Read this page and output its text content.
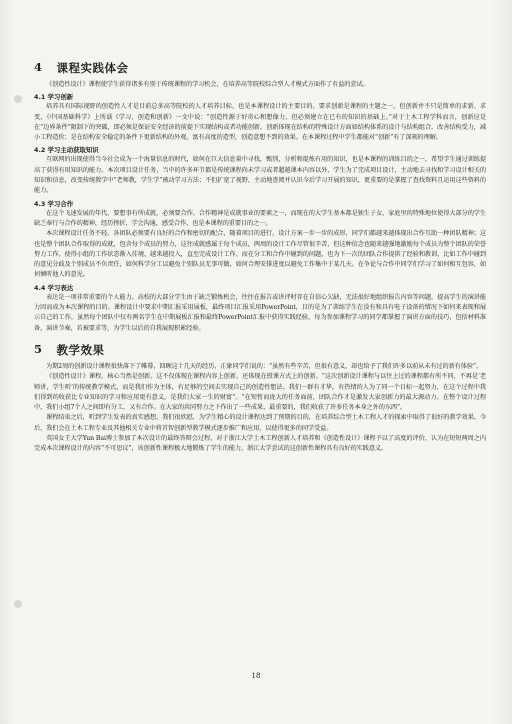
4 课程实践体会

《创造性设计》课程使学生获得诸多有别于传统课程的学习机会，在培养高等院校综合型人才模式方面作了有益的尝试。

4.1 学习创新

培养具有国际视野的创造性人才是目前总多高等院校的人才培养目标，也是本课程设计的主要目的。要求创新是课程的主题之一，但创新并不只是简单的求新、求变，《中国基础科学》上所载《学习、创造和创新》一文中说：“创造性源于好奇心和想像力，但必须建立在已有的知识的基础上。”对于土木工程学科而言，创新应是在“边界条件”限制下的突破，即必须是保证安全经济的前提下实现结构或者功能创新。创新体现在结构的特殊设计方面如结构体系的设计与结构组合，改善结构受力，减小工程造价；是在结构安全稳定的条件下更新结构的外观，富有高度的造型，创造意想不到的效果。在本课程过程中学生都能对“创新”有了深刻的理解。

4.2 学习主动获取知识

互联网的出现使得当今社会成为一个海量信息的时代，如何在巨大信息量中寻找，甄别，分析和提炼有用的知识，也是本课程的训练目的之一，希望学生通过训练提高了获得有用知识的能力。本次项目设计任务，当中的许多环节都是传统课程尚未学习或者超越课本内容以外，学生为了完成项目设计，主动地去寻找和学习设计相关的知识和信息，改变传统教学中“老师教，学生学”被动学习方法；不但扩宽了视野，主动地查阅并认识今后学习开展的知识，更重要的是掌握了查找资料且运用这些资料的能力。

4.3 学习合作

在这个飞速发展的年代，要想事有所成就，必须要合作。合作精神是成就事业的要素之一，而现在的大学生基本都是独生子女，家庭里的特殊地位使得大部分的学生缺乏奉行与合作的精神，经历挫折，学会沟通，感受合作，也是本课程的重要目的之一。

本次课程设计任务不轻，各团队必须要有良好的合作和密切的配合，随着项目的进行，设计方案一步一步的成形，同学们都越来越体现出合作互助一种团队精神；这也是整个团队合作取得的成就，包含每个成员的努力，这往成就感属于每个成员，两周的设计工作尽管很辛苦，但这种信念也随来越强地激励每个成员为整个团队的荣誉努力工作，使得小组的工作状态渐入佳境，越来越投入，直至完成设计工作。而在分工和合作中碰到的问题，也为下一次的团队合作提供了经验和教训，比如工作中碰到的意见分歧及个别成员不负责任，如何科学分工以避免个别队员无事可做，如何合理安排进度以避免工作集中于某几天。在争论与合作中同学们学习了如何相互包容，如何倾听他人的意见。

4.4 学习表达

表达是一项非常重要的个人能力。高校的大部分学生由于缺乏锻炼机会，往往在报告或讲评时存在自信心欠缺，无法很好地组织报告内容等问题，提高学生的演讲能力因而成为本次课程的目的。课程设计中要求中期汇报采用展板，最终项目汇报采用PowerPoint，目的是为了训练学生在没有和具有电子设备的情况下如何来表现和展示自己的工作，虽然每个团队中仅有两名学生在中期展板汇报和最终PowerPoint汇报中获得实践经验，每为参加课程学习的同学都掌握了演讲方面的技巧，包括材料准备，演讲节奏，若被要求等，为学生以后的自我展现积累经验。

5 教学效果

为期2周的创新设计课程很快落下了帷幕，回顾这十几天的经历，正象同学们说的：“虽然有些辛苦，但很有意义，却也给予了我们许多以前从未有过的新有体验”。

《创造性设计》课程，核心当然是创新。这不仅体现在课程内容上创新，还体现在授课方式上的创新。“这次创新设计课程与以往上过的课程都有所不同，不再是‘老师讲，学生听’的传统教学模式，而是我们作为主体，有足够的空间去实现自己的创造性想法。我们一群有才华，有热情的人为了同一个目标一起努力，在这个过程中我们得到的收获比专业知识的学习和应用更有意义，是我们大家一生的财富”。“在短暂而庞大的任务面前，团队合作才是激发大家创新力的最大源动力。在整个设计过程中，我们小组7个人之间即有分工，又有合作。在大家的共同努力之下作出了一些成果，最重要的，我们收获了许多任务本身之外的东西”。

课程结束之后，听到学生发表的真实感想，我们很欣慰，为学生精心的设计课程达到了预期的目的，在培养综合型土木工程人才的探索中取得了很好的教学效果。今后，我们会在土木工程专业及其他相关专业中将首智创新型教学模式逐步推广和应用，以使得更多的同学受益。

英国女王大学Yun Bai博士参加了本次设计的最终答辩会过程，对于浙江大学土木工程创新人才培养和《创造性设计》课程予以了高度的评价，认为在短短两周之内完成本次课程设计的内容“不可思议”，该创新性课程极大地锻炼了学生的能力，浙江大学尝试的这创新性课程具有良好的实践意义。

18
